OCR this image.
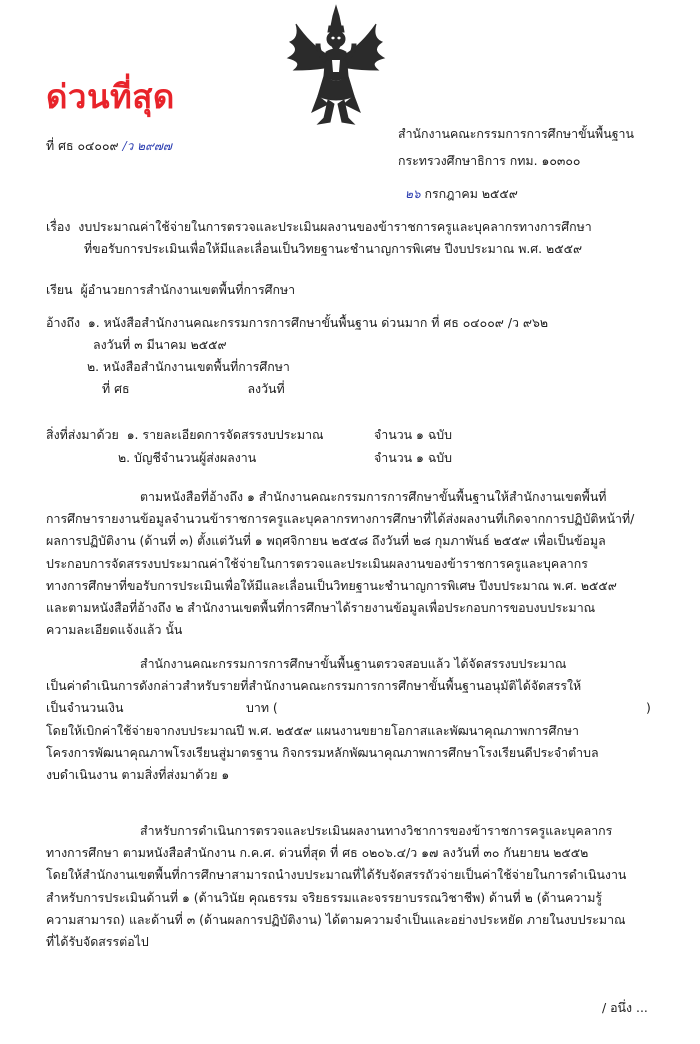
ด่วนที่สุด
ที่ ศธ ๐๔๐๐๙ /ว ๒๙๗๗
สำนักงานคณะกรรมการการศึกษาขั้นพื้นฐาน
กระทรวงศึกษาธิการ กทม. ๑๐๓๐๐
๒๖ กรกฎาคม ๒๕๕๙
เรื่อง งบประมาณค่าใช้จ่ายในการตรวจและประเมินผลงานของข้าราชการครูและบุคลากรทางการศึกษา
ที่ขอรับการประเมินเพื่อให้มีและเลื่อนเป็นวิทยฐานะชำนาญการพิเศษ ปีงบประมาณ พ.ศ. ๒๕๕๙
เรียน ผู้อำนวยการสำนักงานเขตพื้นที่การศึกษา
อ้างถึง ๑. หนังสือสำนักงานคณะกรรมการการศึกษาขั้นพื้นฐาน ด่วนมาก ที่ ศธ ๐๔๐๐๙ /ว ๙๖๒
ลงวันที่ ๓ มีนาคม ๒๕๕๙
๒. หนังสือสำนักงานเขตพื้นที่การศึกษา
ที่ ศธ	ลงวันที่
สิ่งที่ส่งมาด้วย ๑. รายละเอียดการจัดสรรงบประมาณ	จำนวน ๑ ฉบับ
๒. บัญชีจำนวนผู้ส่งผลงาน	จำนวน ๑ ฉบับ
ตามหนังสือที่อ้างถึง ๑ สำนักงานคณะกรรมการการศึกษาขั้นพื้นฐานให้สำนักงานเขตพื้นที่
การศึกษารายงานข้อมูลจำนวนข้าราชการครูและบุคลากรทางการศึกษาที่ได้ส่งผลงานที่เกิดจากการปฏิบัติหน้าที่/
ผลการปฏิบัติงาน (ด้านที่ ๓) ตั้งแต่วันที่ ๑ พฤศจิกายน ๒๕๕๘ ถึงวันที่ ๒๘ กุมภาพันธ์ ๒๕๕๙ เพื่อเป็นข้อมูล
ประกอบการจัดสรรงบประมาณค่าใช้จ่ายในการตรวจและประเมินผลงานของข้าราชการครูและบุคลากร
ทางการศึกษาที่ขอรับการประเมินเพื่อให้มีและเลื่อนเป็นวิทยฐานะชำนาญการพิเศษ ปีงบประมาณ พ.ศ. ๒๕๕๙
และตามหนังสือที่อ้างถึง ๒ สำนักงานเขตพื้นที่การศึกษาได้รายงานข้อมูลเพื่อประกอบการขอบงบประมาณ
ความละเอียดแจ้งแล้ว นั้น
สำนักงานคณะกรรมการการศึกษาขั้นพื้นฐานตรวจสอบแล้ว ได้จัดสรรงบประมาณ
เป็นค่าดำเนินการดังกล่าวสำหรับรายที่สำนักงานคณะกรรมการการศึกษาขั้นพื้นฐานอนุมัติได้จัดสรรให้
เป็นจำนวนเงิน	บาท (	)
โดยให้เบิกค่าใช้จ่ายจากงบประมาณปี พ.ศ. ๒๕๕๙ แผนงานขยายโอกาสและพัฒนาคุณภาพการศึกษา
โครงการพัฒนาคุณภาพโรงเรียนสู่มาตรฐาน กิจกรรมหลักพัฒนาคุณภาพการศึกษาโรงเรียนดีประจำตำบล
งบดำเนินงาน ตามสิ่งที่ส่งมาด้วย ๑
สำหรับการดำเนินการตรวจและประเมินผลงานทางวิชาการของข้าราชการครูและบุคลากร
ทางการศึกษา ตามหนังสือสำนักงาน ก.ค.ศ. ด่วนที่สุด ที่ ศธ ๐๒๐๖.๔/ว ๑๗ ลงวันที่ ๓๐ กันยายน ๒๕๕๒
โดยให้สำนักงานเขตพื้นที่การศึกษาสามารถนำงบประมาณที่ได้รับจัดสรรถัวจ่ายเป็นค่าใช้จ่ายในการดำเนินงาน
สำหรับการประเมินด้านที่ ๑ (ด้านวินัย คุณธรรม จริยธรรมและจรรยาบรรณวิชาชีพ) ด้านที่ ๒ (ด้านความรู้
ความสามารถ) และด้านที่ ๓ (ด้านผลการปฏิบัติงาน) ได้ตามความจำเป็นและอย่างประหยัด ภายในงบประมาณ
ที่ได้รับจัดสรรต่อไป
/ อนึ่ง ...
